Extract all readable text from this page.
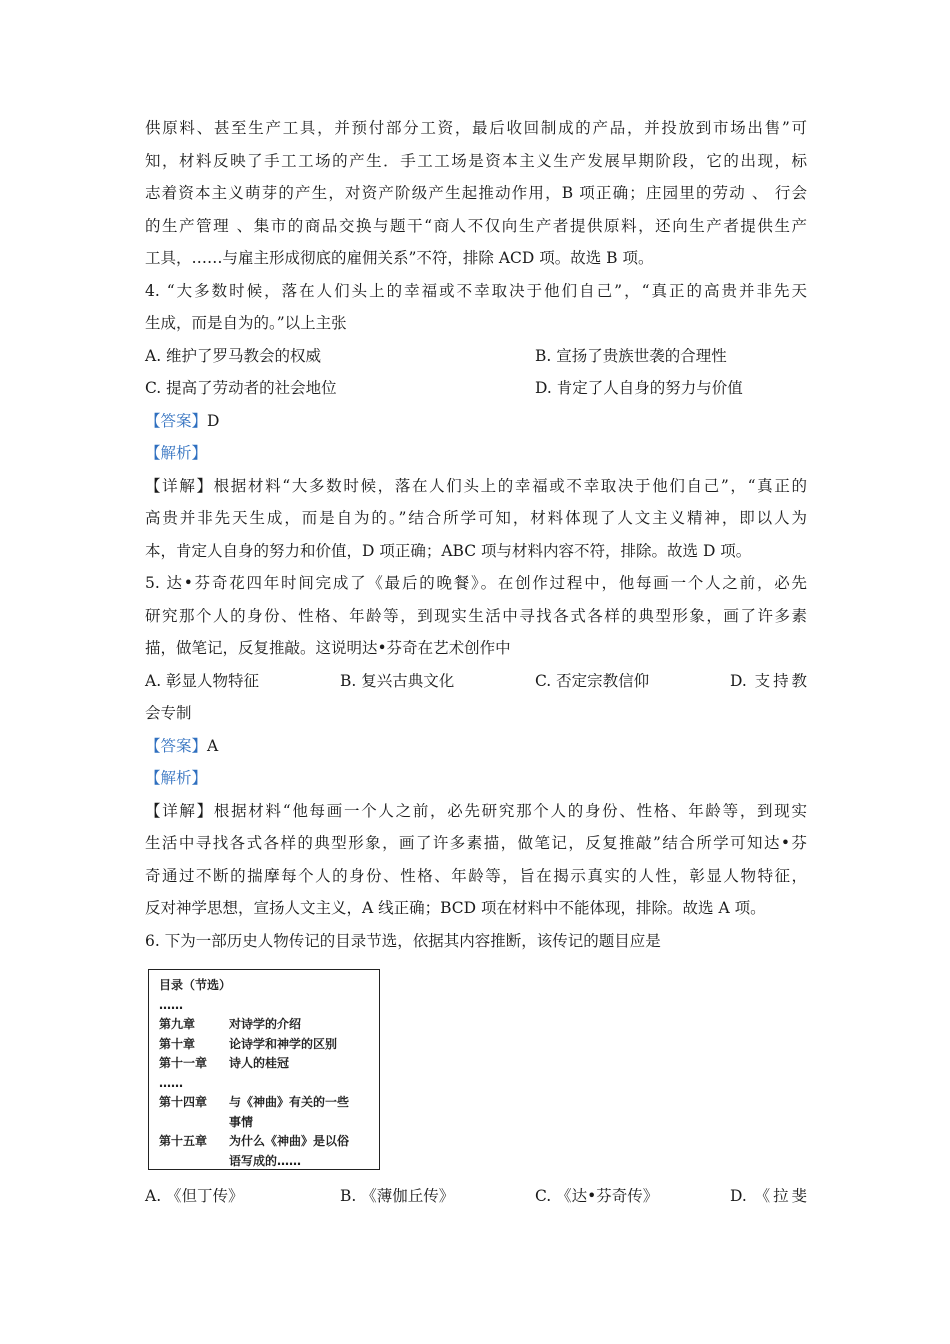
供原料、甚至生产工具，并预付部分工资，最后收回制成的产品，并投放到市场出售”可
知，材料反映了手工工场的产生．手工工场是资本主义生产发展早期阶段，它的出现，标
志着资本主义萌芽的产生，对资产阶级产生起推动作用，B 项正确；庄园里的劳动 、 行会
的生产管理 、集市的商品交换与题干“商人不仅向生产者提供原料，还向生产者提供生产
工具，……与雇主形成彻底的雇佣关系”不符，排除 ACD 项。故选 B 项。
4. “大多数时候，落在人们头上的幸福或不幸取决于他们自己”，“真正的高贵并非先天
生成，而是自为的。”以上主张
A. 维护了罗马教会的权威	B. 宣扬了贵族世袭的合理性
C. 提高了劳动者的社会地位	D. 肯定了人自身的努力与价值
【答案】D
【解析】
【详解】根据材料“大多数时候，落在人们头上的幸福或不幸取决于他们自己”，“真正的
高贵并非先天生成，而是自为的。”结合所学可知，材料体现了人文主义精神，即以人为
本，肯定人自身的努力和价值，D 项正确；ABC 项与材料内容不符，排除。故选 D 项。
5. 达•芬奇花四年时间完成了《最后的晚餐》。在创作过程中，他每画一个人之前，必先
研究那个人的身份、性格、年龄等，到现实生活中寻找各式各样的典型形象，画了许多素
描，做笔记，反复推敲。这说明达•芬奇在艺术创作中
A. 彰显人物特征	B. 复兴古典文化	C. 否定宗教信仰	D. 支持教
会专制
【答案】A
【解析】
【详解】根据材料“他每画一个人之前，必先研究那个人的身份、性格、年龄等，到现实
生活中寻找各式各样的典型形象，画了许多素描，做笔记，反复推敲”结合所学可知达•芬
奇通过不断的揣摩每个人的身份、性格、年龄等，旨在揭示真实的人性，彰显人物特征，
反对神学思想，宣扬人文主义，A 线正确；BCD 项在材料中不能体现，排除。故选 A 项。
6. 下为一部历史人物传记的目录节选，依据其内容推断，该传记的题目应是
目录（节选）
……
第九章	对诗学的介绍
第十章	论诗学和神学的区别
第十一章 诗人的桂冠
……
第十四章 与《神曲》有关的一些
事情
第十五章 为什么《神曲》是以俗
语写成的……
A. 《但丁传》	B. 《薄伽丘传》	C. 《达•芬奇传》	D. 《拉斐
